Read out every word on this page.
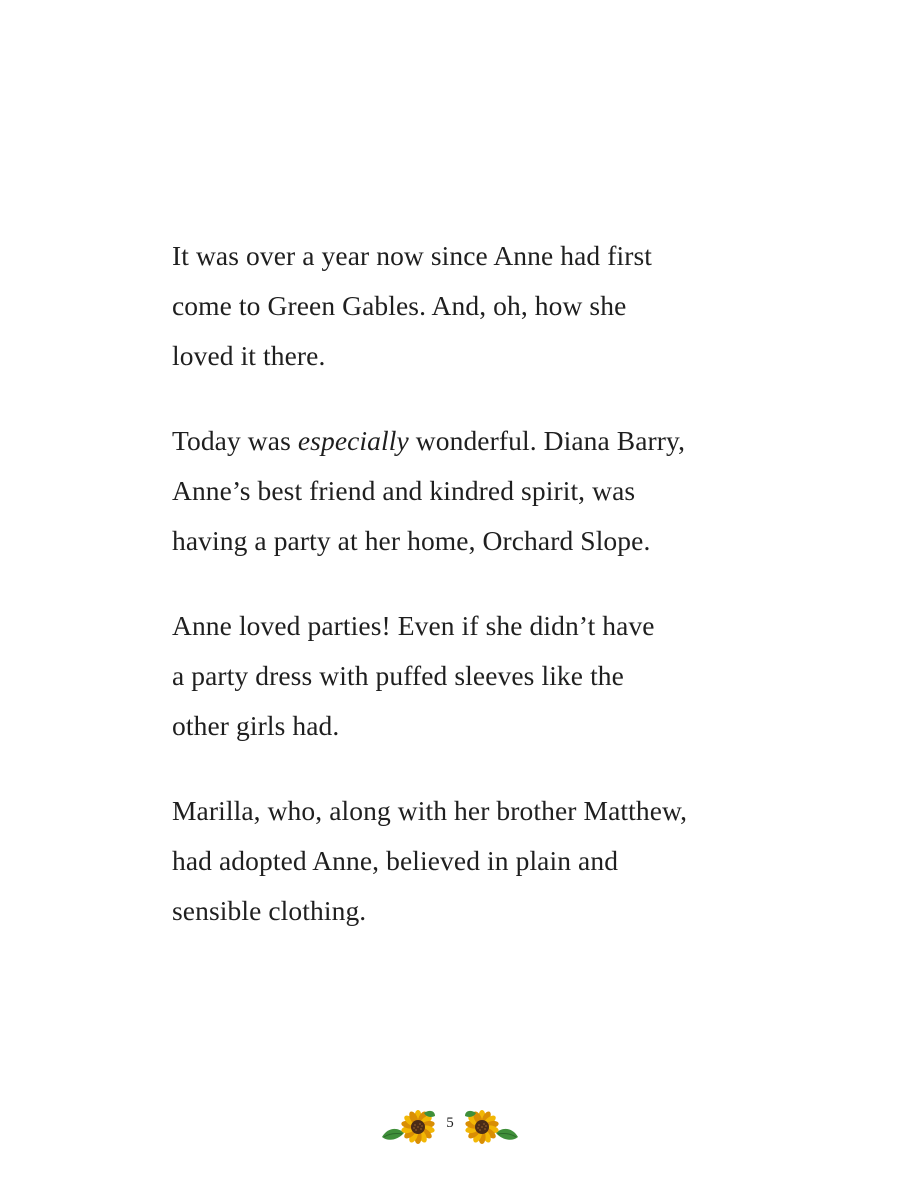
It was over a year now since Anne had first
come to Green Gables. And, oh, how she
loved it there.

Today was especially wonderful. Diana Barry,
Anne’s best friend and kindred spirit, was
having a party at her home, Orchard Slope.

Anne loved parties! Even if she didn’t have
a party dress with puffed sleeves like the
other girls had.

Marilla, who, along with her brother Matthew,
had adopted Anne, believed in plain and
sensible clothing.

5
